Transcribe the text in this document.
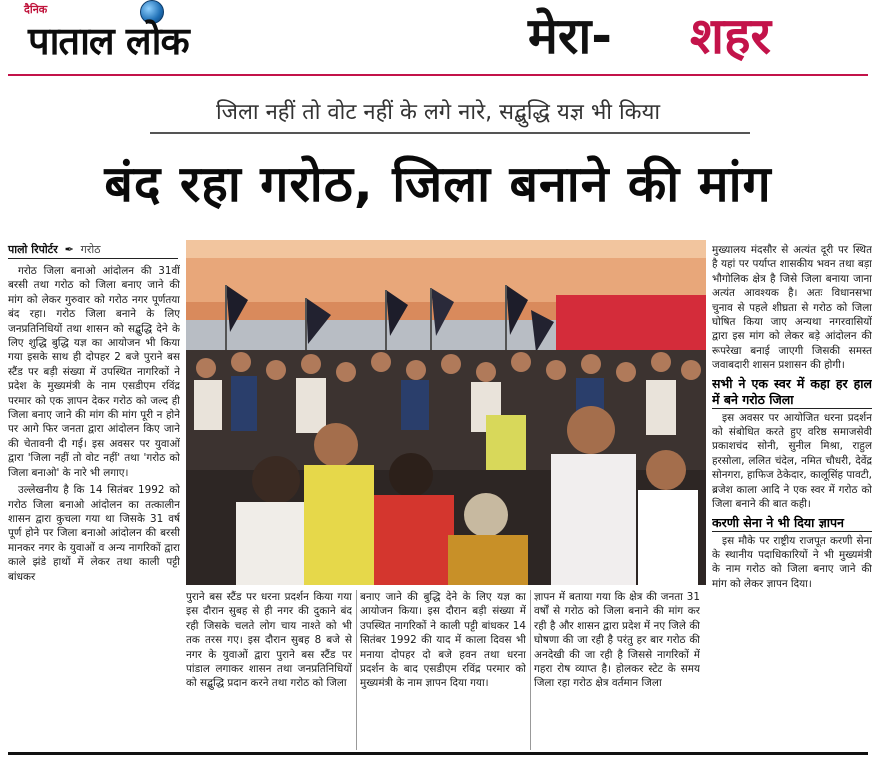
दैनिक
पाताल लोक	मेरा- शहर
जिला नहीं तो वोट नहीं के लगे नारे, सद्बुद्धि यज्ञ भी किया
बंद रहा गरोठ, जिला बनाने की मांग
पालो रिपोर्टर ✒ गरोठ

गरोठ जिला बनाओ आंदोलन की 31वीं बरसी तथा गरोठ को जिला बनाए जाने की मांग को लेकर गुरुवार को गरोठ नगर पूर्णतया बंद रहा। गरोठ जिला बनाने के लिए जनप्रतिनिधियों तथा शासन को सद्बुद्धि देने के लिए शुद्धि बुद्धि यज्ञ का आयोजन भी किया गया इसके साथ ही दोपहर 2 बजे पुराने बस स्टैंड पर बड़ी संख्या में उपस्थित नागरिकों ने प्रदेश के मुख्यमंत्री के नाम एसडीएम रविंद्र परमार को एक ज्ञापन देकर गरोठ को जल्द ही जिला बनाए जाने की मांग की मांग पूरी न होने पर आगे फिर जनता द्वारा आंदोलन किए जाने की चेतावनी दी गई। इस अवसर पर युवाओं द्वारा 'जिला नहीं तो वोट नहीं' तथा 'गरोठ को जिला बनाओ' के नारे भी लगाए।

उल्लेखनीय है कि 14 सितंबर 1992 को गरोठ जिला बनाओ आंदोलन का तत्कालीन शासन द्वारा कुचला गया था जिसके 31 वर्ष पूर्ण होने पर जिला बनाओ आंदोलन की बरसी मानकर नगर के युवाओं व अन्य नागरिकों द्वारा काले झंडे हाथों में लेकर तथा काली पट्टी बांधकर

पुराने बस स्टैंड पर धरना प्रदर्शन किया गया इस दौरान सुबह से ही नगर की दुकाने बंद रही जिसके चलते लोग चाय नाश्ते को भी तक तरस गए। इस दौरान सुबह 8 बजे से नगर के युवाओं द्वारा पुराने बस स्टैंड पर पांडाल लगाकर शासन तथा जनप्रतिनिधियों को सद्बुद्धि प्रदान करने तथा गरोठ को जिला

बनाए जाने की बुद्धि देने के लिए यज्ञ का आयोजन किया। इस दौरान बड़ी संख्या में उपस्थित नागरिकों ने काली पट्टी बांधकर 14 सितंबर 1992 की याद में काला दिवस भी मनाया दोपहर दो बजे हवन तथा धरना प्रदर्शन के बाद एसडीएम रविंद्र परमार को मुख्यमंत्री के नाम ज्ञापन दिया गया।

ज्ञापन में बताया गया कि क्षेत्र की जनता 31 वर्षों से गरोठ को जिला बनाने की मांग कर रही है और शासन द्वारा प्रदेश में नए जिले की घोषणा की जा रही है परंतु हर बार गरोठ की अनदेखी की जा रही है जिससे नागरिकों में गहरा रोष व्याप्त है। होलकर स्टेट के समय जिला रहा गरोठ क्षेत्र वर्तमान जिला

मुख्यालय मंदसौर से अत्यंत दूरी पर स्थित है यहां पर पर्याप्त शासकीय भवन तथा बड़ा भौगोलिक क्षेत्र है जिसे जिला बनाया जाना अत्यंत आवश्यक है। अतः विधानसभा चुनाव से पहले शीघ्रता से गरोठ को जिला घोषित किया जाए अन्यथा नगरवासियों द्वारा इस मांग को लेकर बड़े आंदोलन की रूपरेखा बनाई जाएगी जिसकी समस्त जवाबदारी शासन प्रशासन की होगी।

सभी ने एक स्वर में कहा हर हाल में बने गरोठ जिला

इस अवसर पर आयोजित धरना प्रदर्शन को संबोधित करते हुए वरिष्ठ समाजसेवी प्रकाशचंद सोनी, सुनील मिश्रा, राहुल हरसोला, ललित चंदेल, नमित चौधरी, देवेंद्र सोनगरा, हाफिज ठेकेदार, कालूसिंह पावटी, ब्रजेश काला आदि ने एक स्वर में गरोठ को जिला बनाने की बात कही।

करणी सेना ने भी दिया ज्ञापन

इस मौके पर राष्ट्रीय राजपूत करणी सेना के स्थानीय पदाधिकारियों ने भी मुख्यमंत्री के नाम गरोठ को जिला बनाए जाने की मांग को लेकर ज्ञापन दिया।
